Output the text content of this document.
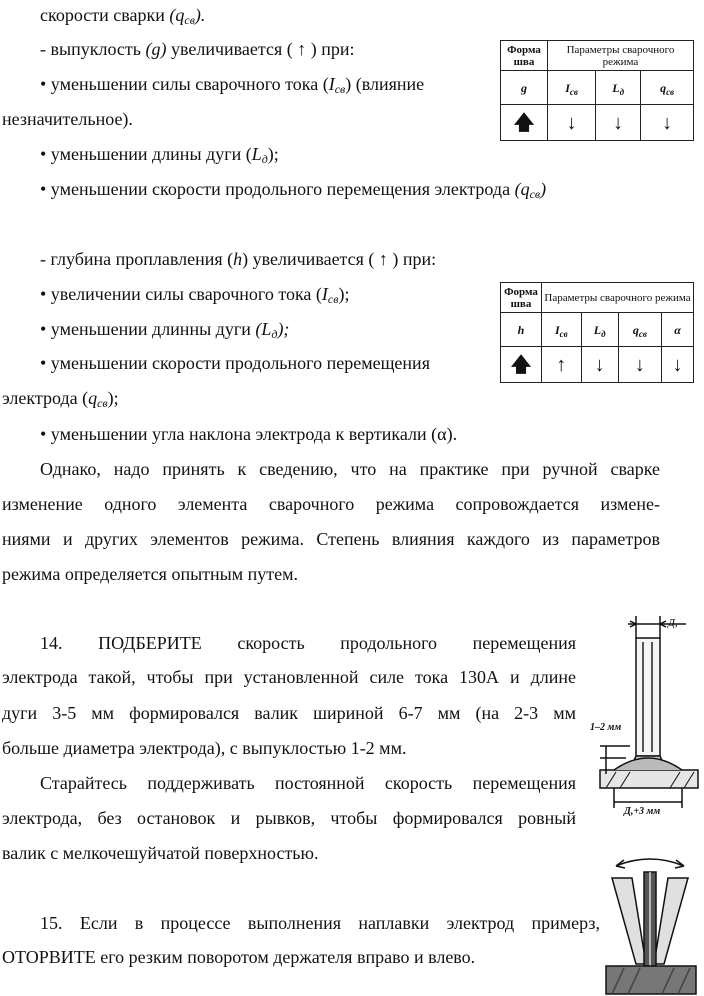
скорости сварки $(q_{св})$.
- выпуклость (g) увеличивается ( ↑ ) при:
• уменьшении силы сварочного тока $(I_{св})$ (влияние
незначительное).
• уменьшении длины дуги $(L_д)$;
• уменьшении скорости продольного перемещения электрода $(q_{св})$
- глубина проплавления (h) увеличивается ( ↑ ) при:
• увеличении силы сварочного тока $(I_{св})$;
• уменьшении длинны дуги $(L_д)$;
• уменьшении скорости продольного перемещения
электрода $(q_{св})$;
• уменьшении угла наклона электрода к вертикали (α).
Однако, надо принять к сведению, что на практике при ручной сварке
изменение одного элемента сварочного режима сопровождается измене-
ниями и других элементов режима. Степень влияния каждого из параметров
режима определяется опытным путем.
14. ПОДБЕРИТЕ скорость продольного перемещения
электрода такой, чтобы при установленной силе тока 130А и длине
дуги 3-5 мм формировался валик шириной 6-7 мм (на 2-3 мм
больше диаметра электрода), с выпуклостью 1-2 мм.
Старайтесь поддерживать постоянной скорость перемещения
электрода, без остановок и рывков, чтобы формировался ровный
валик с мелкочешуйчатой поверхностью.
15. Если в процессе выполнения наплавки электрод примерз,
ОТОРВИТЕ его резким поворотом держателя вправо и влево.
Форма шва	Параметры сварочного режима		
g	$I_{св}$	$L_д$	$q_{св}$
🡅	↓	↓	↓
Форма шва	Параметры сварочного режима			
h	$I_{св}$	$L_д$	$q_{св}$	α
🡅	↑	↓	↓	↓
Д,
1–2 мм
Д,+3 мм
